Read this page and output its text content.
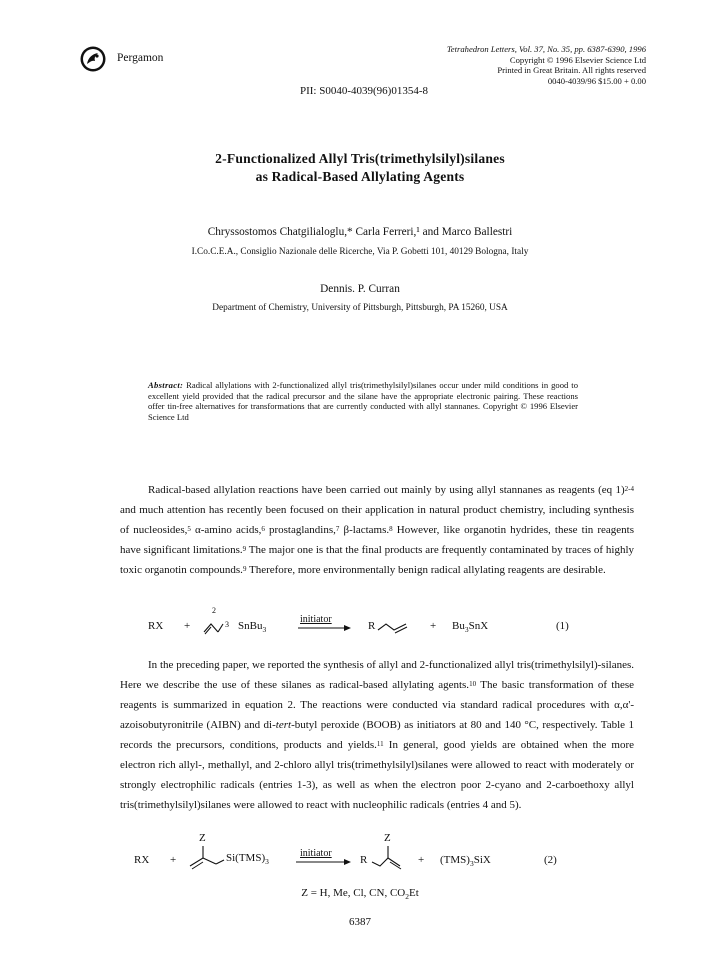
Pergamon
Tetrahedron Letters, Vol. 37, No. 35, pp. 6387-6390, 1996
Copyright © 1996 Elsevier Science Ltd
Printed in Great Britain. All rights reserved
0040-4039/96 $15.00 + 0.00
PII: S0040-4039(96)01354-8
2-Functionalized Allyl Tris(trimethylsilyl)silanes
as Radical-Based Allylating Agents
Chryssostomos Chatgilialoglu,* Carla Ferreri,¹ and Marco Ballestri
I.Co.C.E.A., Consiglio Nazionale delle Ricerche, Via P. Gobetti 101, 40129 Bologna, Italy
Dennis. P. Curran
Department of Chemistry, University of Pittsburgh, Pittsburgh, PA 15260, USA
Abstract: Radical allylations with 2-functionalized allyl tris(trimethylsilyl)silanes occur under mild conditions in good to excellent yield provided that the radical precursor and the silane have the appropriate electronic pairing. These reactions offer tin-free alternatives for transformations that are currently conducted with allyl stannanes. Copyright © 1996 Elsevier Science Ltd
Radical-based allylation reactions have been carried out mainly by using allyl stannanes as reagents (eq 1)$^{2-4}$ and much attention has recently been focused on their application in natural product chemistry, including synthesis of nucleosides,$^5$ α-amino acids,$^6$ prostaglandins,$^7$ β-lactams.$^8$ However, like organotin hydrides, these tin reagents have significant limitations.$^9$ The major one is that the final products are frequently contaminated by traces of highly toxic organotin compounds.$^9$ Therefore, more environmentally benign radical allylating reagents are desirable.
RX +
2
3 SnBu$_3$
initiator
R	+ $Bu_3SnX$	(1)
In the preceding paper, we reported the synthesis of allyl and 2-functionalized allyl tris(trimethylsilyl)-silanes. Here we describe the use of these silanes as radical-based allylating agents.$^{10}$ The basic transformation of these reagents is summarized in equation 2. The reactions were conducted via standard radical procedures with α,α'-azoisobutyronitrile (AIBN) and di-tert-butyl peroxide (BOOB) as initiators at 80 and 140 °C, respectively. Table 1 records the precursors, conditions, products and yields.$^{11}$ In general, good yields are obtained when the more electron rich allyl-, methallyl, and 2-chloro allyl tris(trimethylsilyl)silanes were allowed to react with moderately or strongly electrophilic radicals (entries 1-3), as well as when the electron poor 2-cyano and 2-carboethoxy allyl tris(trimethylsilyl)silanes were allowed to react with nucleophilic radicals (entries 4 and 5).
RX +
Z
$Si(TMS)_3$
initiator
R
Z
+ $(TMS)_3SiX$	(2)
Z = H, Me, Cl, CN, $CO_2Et$
6387
